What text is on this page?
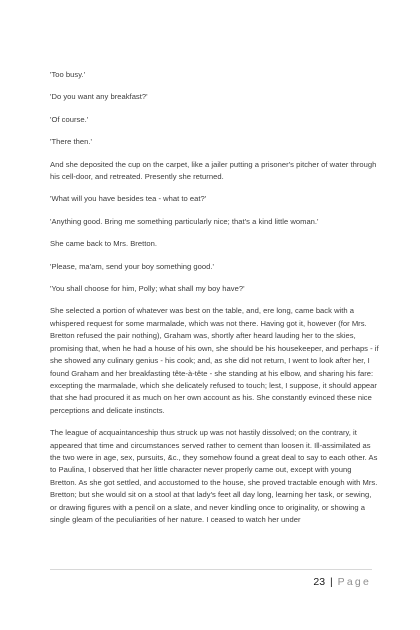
'Too busy.'

'Do you want any breakfast?'

'Of course.'

'There then.'

And she deposited the cup on the carpet, like a jailer putting a prisoner's pitcher of water through his cell-door, and retreated. Presently she returned.

'What will you have besides tea - what to eat?'

'Anything good. Bring me something particularly nice; that's a kind little woman.'

She came back to Mrs. Bretton.

'Please, ma'am, send your boy something good.'

'You shall choose for him, Polly; what shall my boy have?'

She selected a portion of whatever was best on the table, and, ere long, came back with a whispered request for some marmalade, which was not there. Having got it, however (for Mrs. Bretton refused the pair nothing), Graham was, shortly after heard lauding her to the skies, promising that, when he had a house of his own, she should be his housekeeper, and perhaps - if she showed any culinary genius - his cook; and, as she did not return, I went to look after her, I found Graham and her breakfasting tête-à-tête - she standing at his elbow, and sharing his fare: excepting the marmalade, which she delicately refused to touch; lest, I suppose, it should appear that she had procured it as much on her own account as his. She constantly evinced these nice perceptions and delicate instincts.

The league of acquaintanceship thus struck up was not hastily dissolved; on the contrary, it appeared that time and circumstances served rather to cement than loosen it. Ill-assimilated as the two were in age, sex, pursuits, &c., they somehow found a great deal to say to each other. As to Paulina, I observed that her little character never properly came out, except with young Bretton. As she got settled, and accustomed to the house, she proved tractable enough with Mrs. Bretton; but she would sit on a stool at that lady's feet all day long, learning her task, or sewing, or drawing figures with a pencil on a slate, and never kindling once to originality, or showing a single gleam of the peculiarities of her nature. I ceased to watch her under

23 | Page
